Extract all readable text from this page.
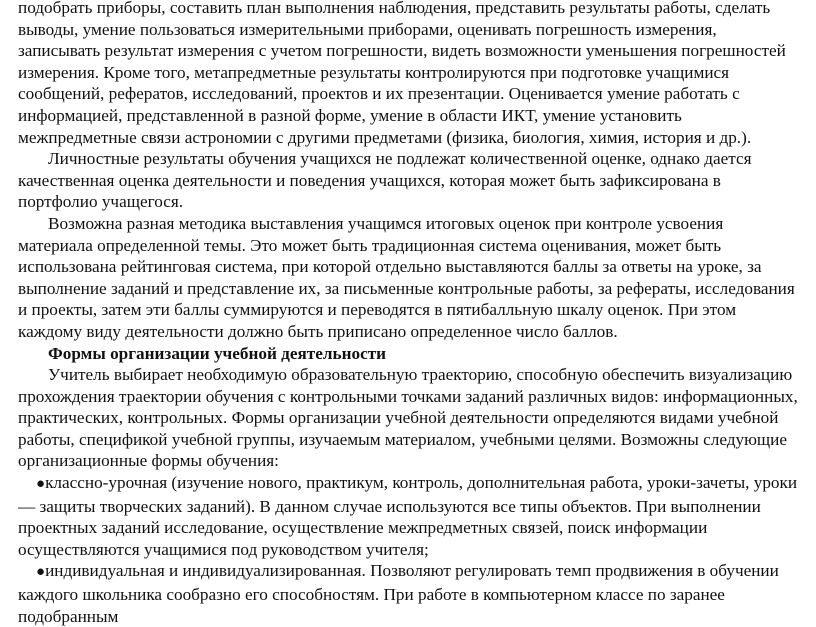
подобрать приборы, составить план выполнения наблюдения, представить результаты работы, сделать выводы, умение пользоваться измерительными приборами, оценивать погрешность измерения, записывать результат измерения с учетом погрешности, видеть возможности уменьшения погрешностей измерения. Кроме того, метапредметные результаты контролируются при подготовке учащимися сообщений, рефератов, исследований, проектов и их презентации. Оценивается умение работать с информацией, представленной в разной форме, умение в области ИКТ, умение установить межпредметные связи астрономии с другими предметами (физика, биология, химия, история и др.).

Личностные результаты обучения учащихся не подлежат количественной оценке, однако дается качественная оценка деятельности и поведения учащихся, которая может быть зафиксирована в портфолио учащегося.

Возможна разная методика выставления учащимся итоговых оценок при контроле усвоения материала определенной темы. Это может быть традиционная система оценивания, может быть использована рейтинговая система, при которой отдельно выставляются баллы за ответы на уроке, за выполнение заданий и представление их, за письменные контрольные работы, за рефераты, исследования и проекты, затем эти баллы суммируются и переводятся в пятибалльную шкалу оценок. При этом каждому виду деятельности должно быть приписано определенное число баллов.

Формы организации учебной деятельности

Учитель выбирает необходимую образовательную траекторию, способную обеспечить визуализацию прохождения траектории обучения с контрольными точками заданий различных видов: информационных, практических, контрольных. Формы организации учебной деятельности определяются видами учебной работы, спецификой учебной группы, изучаемым материалом, учебными целями. Возможны следующие организационные формы обучения:

●классно-урочная (изучение нового, практикум, контроль, дополнительная работа, уроки-зачеты, уроки — защиты творческих заданий). В данном случае используются все типы объектов. При выполнении проектных заданий исследование, осуществление межпредметных связей, поиск информации осуществляются учащимися под руководством учителя;

●индивидуальная и индивидуализированная. Позволяют регулировать темп продвижения в обучении каждого школьника сообразно его способностям. При работе в компьютерном классе по заранее подобранным
